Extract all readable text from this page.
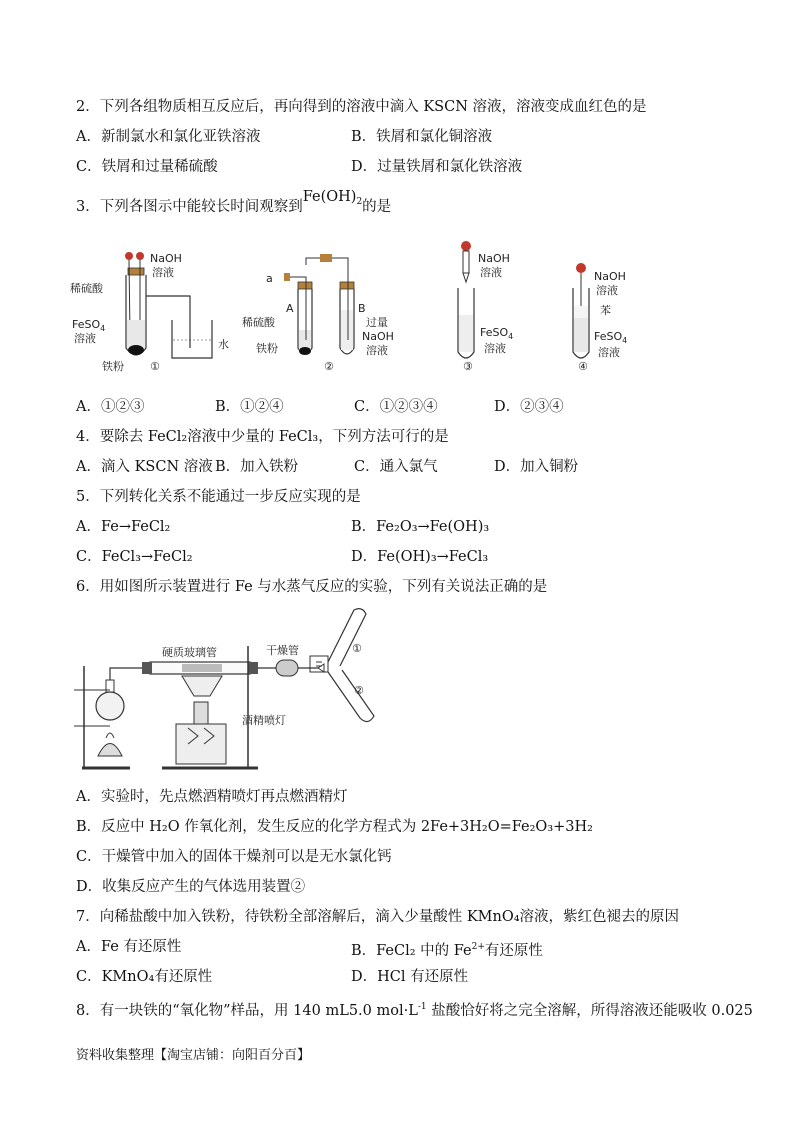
2．下列各组物质相互反应后，再向得到的溶液中滴入 KSCN 溶液，溶液变成血红色的是
A．新制氯水和氯化亚铁溶液	B．铁屑和氯化铜溶液
C．铁屑和过量稀硫酸	D．过量铁屑和氯化铁溶液
3．下列各图示中能较长时间观察到$Fe(OH)_2$的是
NaOH
溶液
稀硫酸
FeSO$_4$
溶液
铁粉
水
①
a
A	B
稀硫酸
铁粉
过量
NaOH
溶液
②
NaOH
溶液
FeSO$_4$
溶液
③
NaOH
溶液
苯
FeSO$_4$
溶液
④
A．①②③	B．①②④	C．①②③④	D．②③④
4．要除去 FeCl₂溶液中少量的 FeCl₃，下列方法可行的是
A．滴入 KSCN 溶液 B．加入铁粉	C．通入氯气	D．加入铜粉
5．下列转化关系不能通过一步反应实现的是
A．Fe→FeCl₂	B．Fe₂O₃→Fe(OH)₃
C．FeCl₃→FeCl₂	D．Fe(OH)₃→FeCl₃
6．用如图所示装置进行 Fe 与水蒸气反应的实验，下列有关说法正确的是
硬质玻璃管	干燥管
酒精喷灯
①
②
A．实验时，先点燃酒精喷灯再点燃酒精灯
B．反应中 H₂O 作氧化剂，发生反应的化学方程式为 2Fe+3H₂O=Fe₂O₃+3H₂
C．干燥管中加入的固体干燥剂可以是无水氯化钙
D．收集反应产生的气体选用装置②
7．向稀盐酸中加入铁粉，待铁粉全部溶解后，滴入少量酸性 KMnO₄溶液，紫红色褪去的原因
A．Fe 有还原性	B．FeCl₂ 中的 $Fe^{2+}$有还原性
C．KMnO₄有还原性	D．HCl 有还原性
8．有一块铁的“氧化物”样品，用 140 mL5.0 $mol\cdot L^{-1}$ 盐酸恰好将之完全溶解，所得溶液还能吸收 0.025
资料收集整理【淘宝店铺：向阳百分百】
